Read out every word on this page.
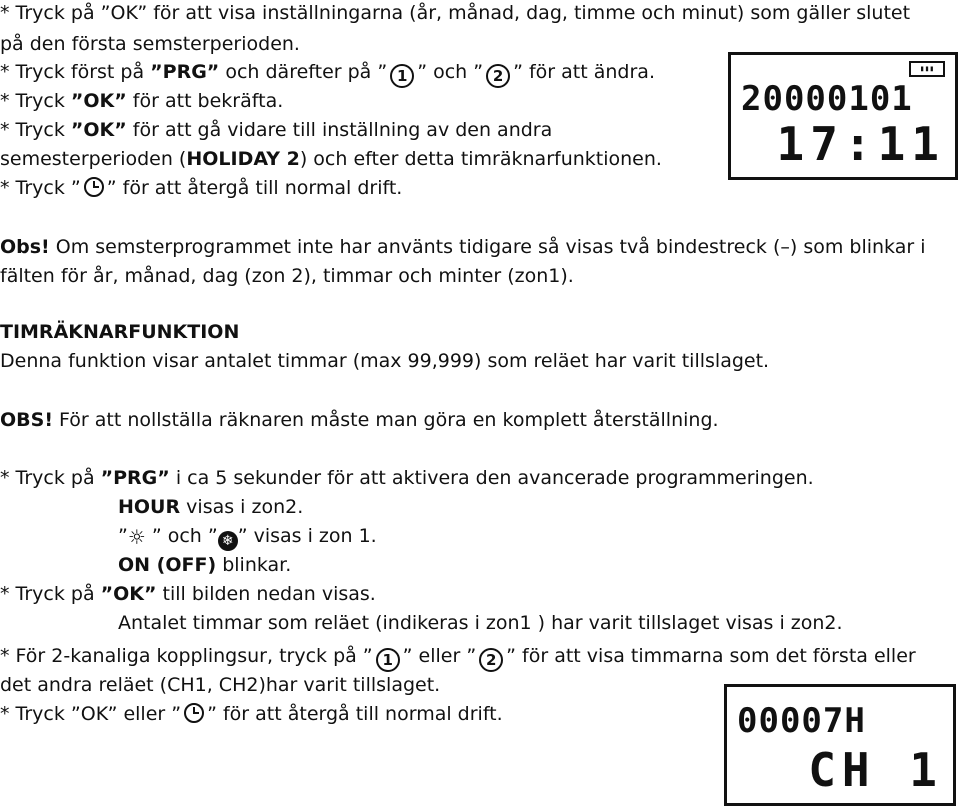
* Tryck på ”OK” för att visa inställningarna (år, månad, dag, timme och minut) som gäller slutet
på den första semsterperioden.
* Tryck först på ”PRG” och därefter på ” 1 ” och ” 2 ” för att ändra.
* Tryck ”OK” för att bekräfta.
* Tryck ”OK” för att gå vidare till inställning av den andra
semesterperioden (HOLIDAY 2) och efter detta timräknarfunktionen.
* Tryck ” ” för att återgå till normal drift.
▮▮▮
20000101
17:11
Obs! Om semsterprogrammet inte har använts tidigare så visas två bindestreck (–) som blinkar i
fälten för år, månad, dag (zon 2), timmar och minter (zon1).
TIMRÄKNARFUNKTION
Denna funktion visar antalet timmar (max 99,999) som reläet har varit tillslaget.
OBS! För att nollställa räknaren måste man göra en komplett återställning.
* Tryck på ”PRG” i ca 5 sekunder för att aktivera den avancerade programmeringen.
HOUR visas i zon2.
”☼ ” och ” ❄ ” visas i zon 1.
ON (OFF) blinkar.
* Tryck på ”OK” till bilden nedan visas.
Antalet timmar som reläet (indikeras i zon1 ) har varit tillslaget visas i zon2.
* För 2-kanaliga kopplingsur, tryck på ” 1 ” eller ” 2 ” för att visa timmarna som det första eller
det andra reläet (CH1, CH2)har varit tillslaget.
* Tryck ”OK” eller ” ” för att återgå till normal drift.	00007H
CH 1
